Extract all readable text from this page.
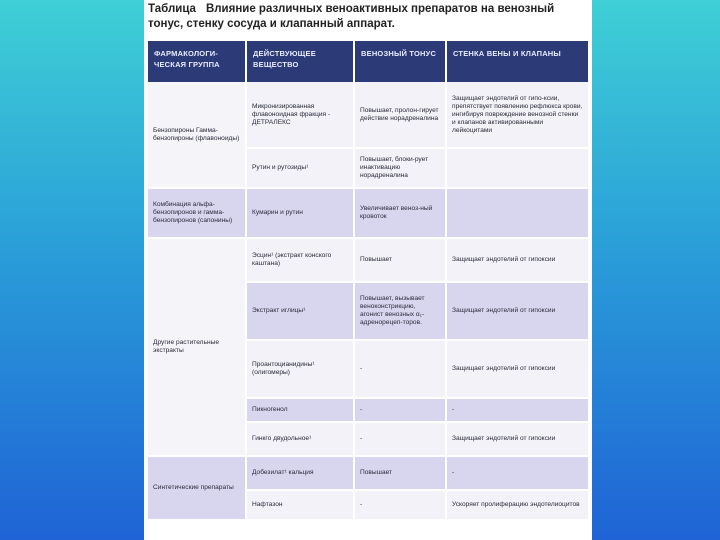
Таблица Влияние различных веноактивных препаратов на венозный тонус, стенку сосуда и клапанный аппарат.
ФАРМАКОЛОГИ-ЧЕСКАЯ ГРУППА	ДЕЙСТВУЮЩЕЕ ВЕЩЕСТВО	ВЕНОЗНЫЙ ТОНУС	СТЕНКА ВЕНЫ И КЛАПАНЫ
Бензопироны Гамма-бензопироны (флавоноиды)	Микронизированная флавоноидная фракция - ДЕТРАЛЕКС	Повышает, пролон-гирует действие норадреналина	Защищает эндотелий от гипо-ксии, препятствует появлению рефлюкса крови, ингибируя повреждение венозной стенки и клапанов активированными лейкоцитами
	Рутин и рутозиды¹	Повышает, блоки-рует инактивацию норадреналина	
Комбинация альфа-бензопиронов и гамма-бензопиронов (сапонины)	Кумарин и рутин	Увеличивает веноз-ный кровоток	
Другие растительные экстракты	Эсцин¹ (экстракт конского каштана)	Повышает	Защищает эндотелий от гипоксии
	Экстракт иглицы¹	Повышает, вызывает веноконстрикцию, агонист венозных α₁-адренорецеп-торов.	Защищает эндотелий от гипоксии
	Проантоцианидины¹ (олигомеры)	-	Защищает эндотелий от гипоксии
	Пикногенол	-	-
	Гинкго двудольное¹	-	Защищает эндотелий от гипоксии
Синтетические препараты	Добезилат¹ кальция	Повышает	-
	Нафтазон	-	Ускоряет пролиферацию эндотелиоцитов
